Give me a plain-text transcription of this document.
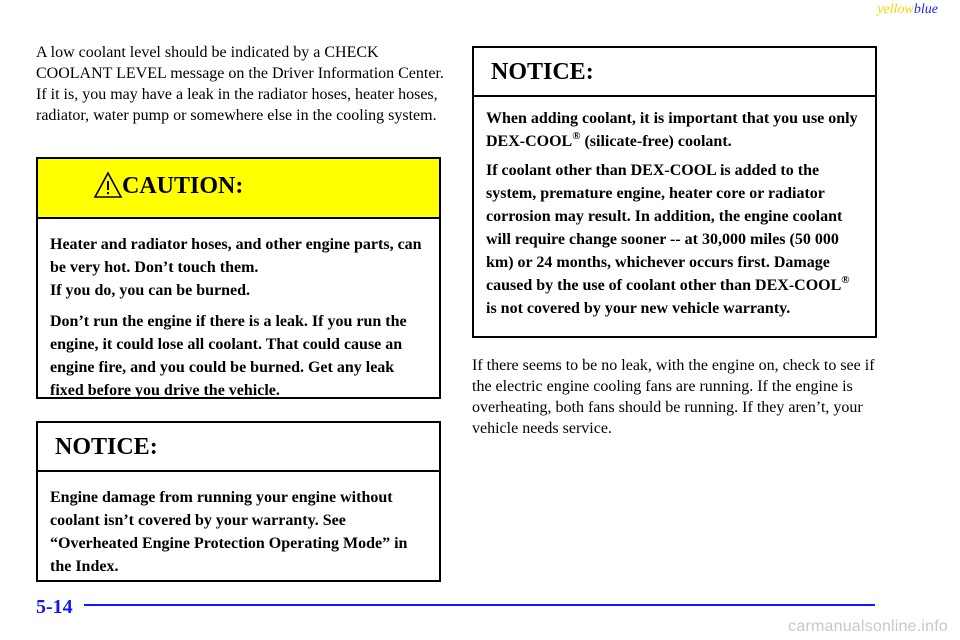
yellowblue

A low coolant level should be indicated by a CHECK COOLANT LEVEL message on the Driver Information Center. If it is, you may have a leak in the radiator hoses, heater hoses, radiator, water pump or somewhere else in the cooling system.

CAUTION:

Heater and radiator hoses, and other engine parts, can be very hot. Don’t touch them.

If you do, you can be burned.

Don’t run the engine if there is a leak. If you run the engine, it could lose all coolant. That could cause an engine fire, and you could be burned. Get any leak fixed before you drive the vehicle.

NOTICE:

Engine damage from running your engine without coolant isn’t covered by your warranty. See “Overheated Engine Protection Operating Mode” in the Index.

NOTICE:

When adding coolant, it is important that you use only DEX-COOL® (silicate-free) coolant.

If coolant other than DEX-COOL is added to the system, premature engine, heater core or radiator corrosion may result. In addition, the engine coolant will require change sooner -- at 30,000 miles (50 000 km) or 24 months, whichever occurs first. Damage caused by the use of coolant other than DEX-COOL® is not covered by your new vehicle warranty.

If there seems to be no leak, with the engine on, check to see if the electric engine cooling fans are running. If the engine is overheating, both fans should be running. If they aren’t, your vehicle needs service.

5-14
carmanualsonline.info
